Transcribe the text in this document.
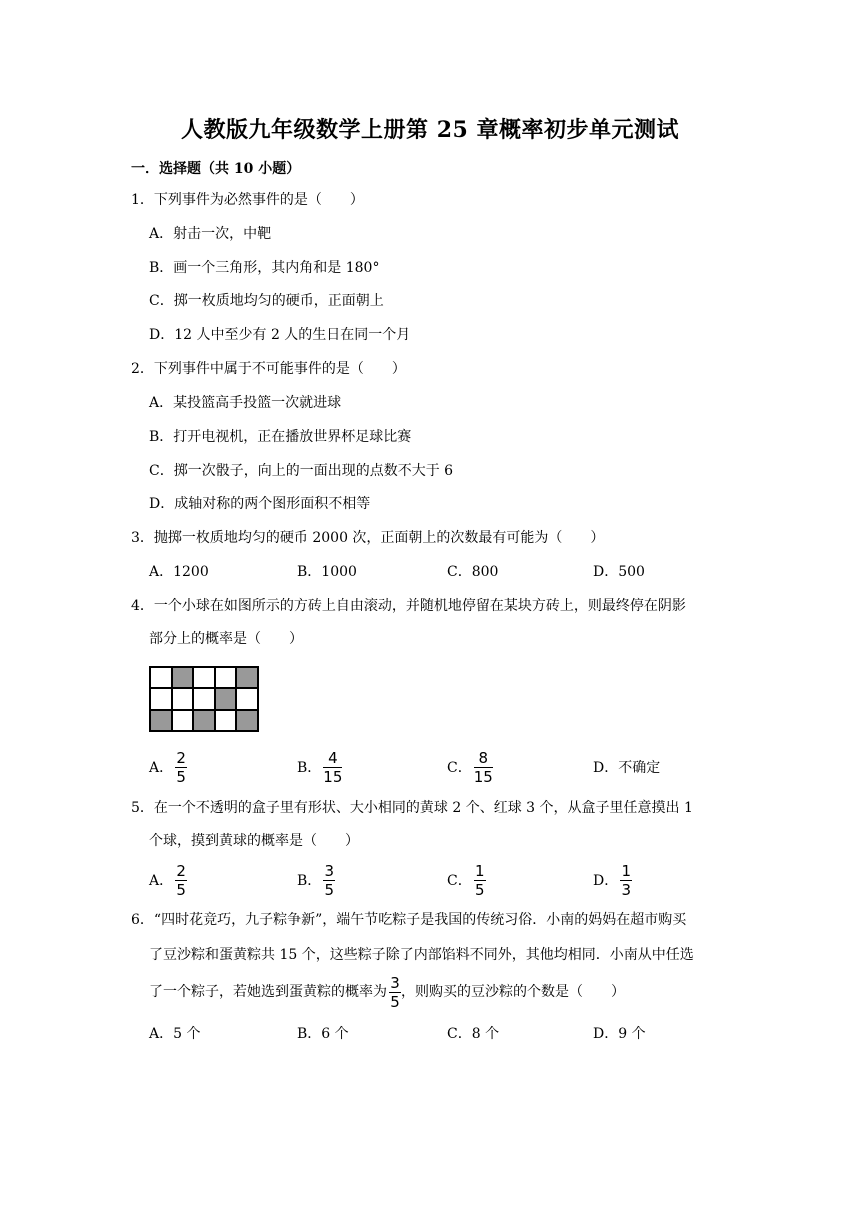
人教版九年级数学上册第 25 章概率初步单元测试
一．选择题（共 10 小题）
1．下列事件为必然事件的是（　　）
A．射击一次，中靶
B．画一个三角形，其内角和是 180°
C．掷一枚质地均匀的硬币，正面朝上
D．12 人中至少有 2 人的生日在同一个月
2．下列事件中属于不可能事件的是（　　）
A．某投篮高手投篮一次就进球
B．打开电视机，正在播放世界杯足球比赛
C．掷一次骰子，向上的一面出现的点数不大于 6
D．成轴对称的两个图形面积不相等
3．抛掷一枚质地均匀的硬币 2000 次，正面朝上的次数最有可能为（　　）
A．1200	B．1000	C．800	D．500
4．一个小球在如图所示的方砖上自由滚动，并随机地停留在某块方砖上，则最终停在阴影
部分上的概率是（　　）
A． $\frac{2}{5}$	B． $\frac{4}{15}$	C． $\frac{8}{15}$	D．不确定
5．在一个不透明的盒子里有形状、大小相同的黄球 2 个、红球 3 个，从盒子里任意摸出 1
个球，摸到黄球的概率是（　　）
A． $\frac{2}{5}$	B． $\frac{3}{5}$	C． $\frac{1}{5}$	D． $\frac{1}{3}$
6．“四时花竞巧，九子粽争新”，端午节吃粽子是我国的传统习俗．小南的妈妈在超市购买
了豆沙粽和蛋黄粽共 15 个，这些粽子除了内部馅料不同外，其他均相同．小南从中任选
了一个粽子，若她选到蛋黄粽的概率为 $\frac{3}{5}$ ，则购买的豆沙粽的个数是（　　）
A．5 个	B．6 个	C．8 个	D．9 个
